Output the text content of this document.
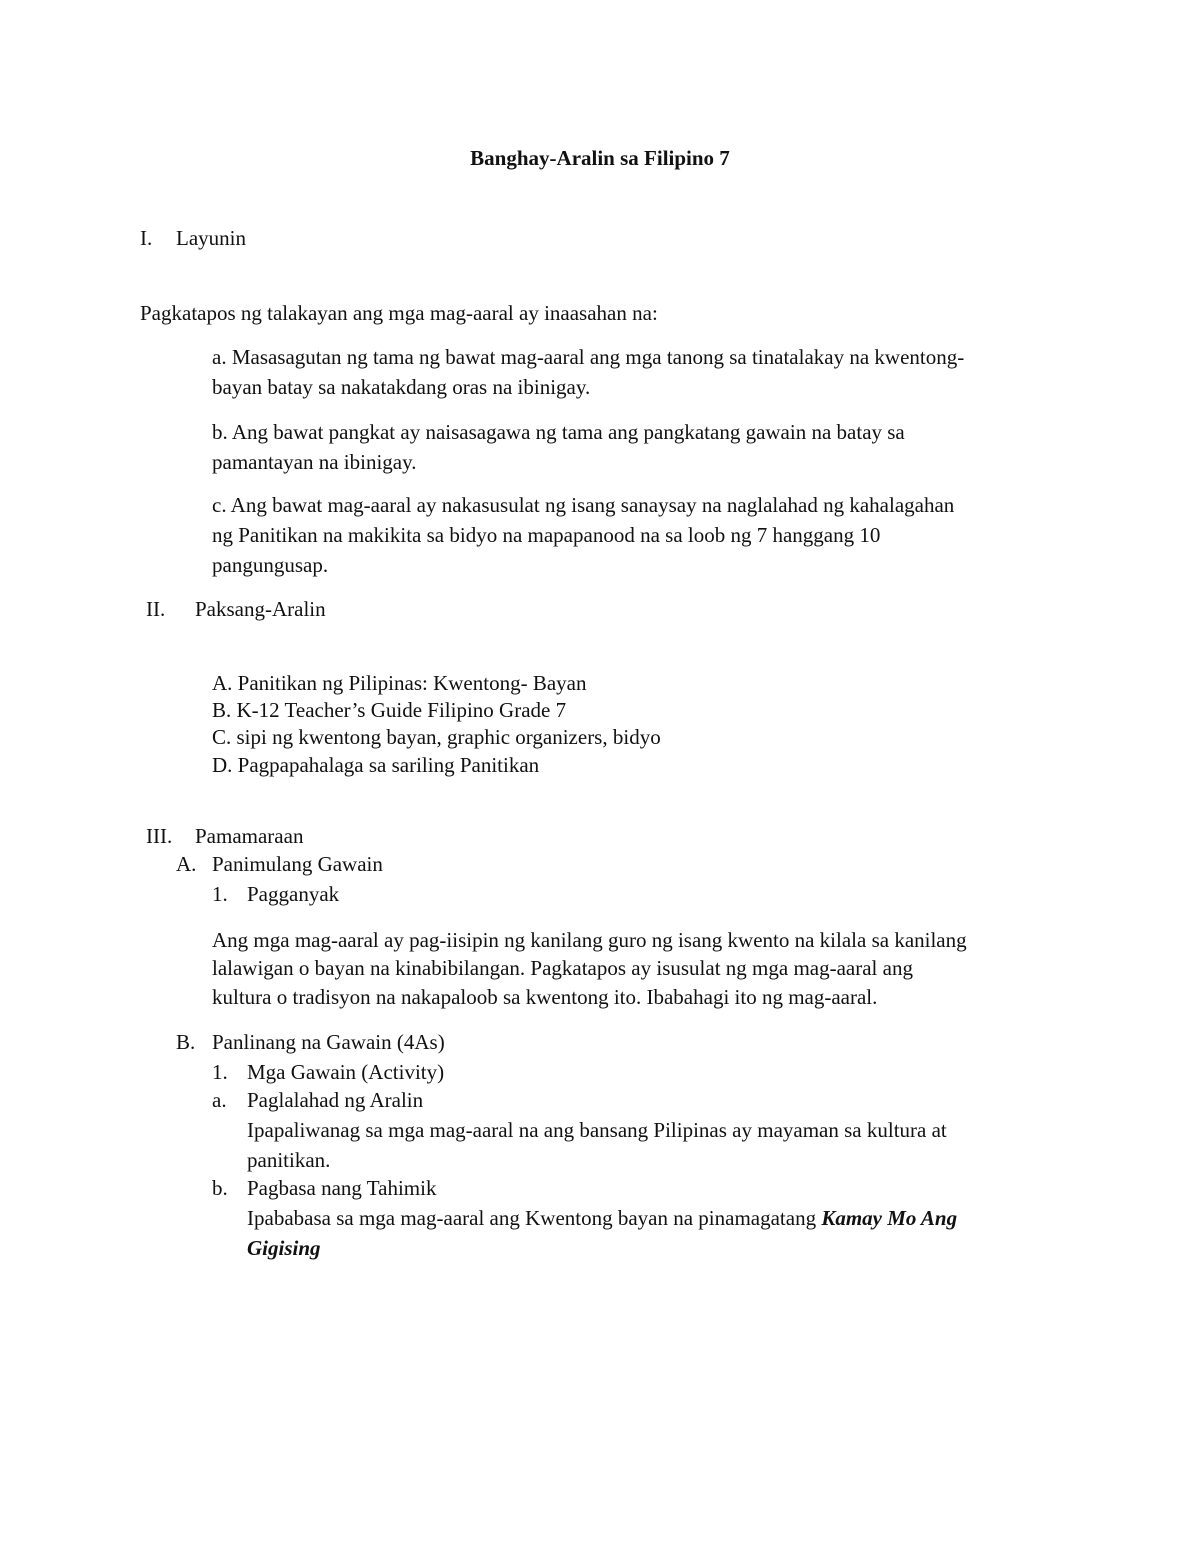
Banghay-Aralin sa Filipino 7
I. Layunin
Pagkatapos ng talakayan ang mga mag-aaral ay inaasahan na:
a. Masasagutan ng tama ng bawat mag-aaral ang mga tanong sa tinatalakay na kwentong-
bayan batay sa nakatakdang oras na ibinigay.
b. Ang bawat pangkat ay naisasagawa ng tama ang pangkatang gawain na batay sa
pamantayan na ibinigay.
c. Ang bawat mag-aaral ay nakasusulat ng isang sanaysay na naglalahad ng kahalagahan
ng Panitikan na makikita sa bidyo na mapapanood na sa loob ng 7 hanggang 10
pangungusap.
II. Paksang-Aralin
A. Panitikan ng Pilipinas: Kwentong- Bayan
B. K-12 Teacher’s Guide Filipino Grade 7
C. sipi ng kwentong bayan, graphic organizers, bidyo
D. Pagpapahalaga sa sariling Panitikan
III. Pamamaraan
A. Panimulang Gawain
1. Pagganyak
Ang mga mag-aaral ay pag-iisipin ng kanilang guro ng isang kwento na kilala sa kanilang
lalawigan o bayan na kinabibilangan. Pagkatapos ay isusulat ng mga mag-aaral ang
kultura o tradisyon na nakapaloob sa kwentong ito. Ibabahagi ito ng mag-aaral.
B. Panlinang na Gawain (4As)
1. Mga Gawain (Activity)
a. Paglalahad ng Aralin
Ipapaliwanag sa mga mag-aaral na ang bansang Pilipinas ay mayaman sa kultura at
panitikan.
b. Pagbasa nang Tahimik
Ipababasa sa mga mag-aaral ang Kwentong bayan na pinamagatang Kamay Mo Ang
Gigising
